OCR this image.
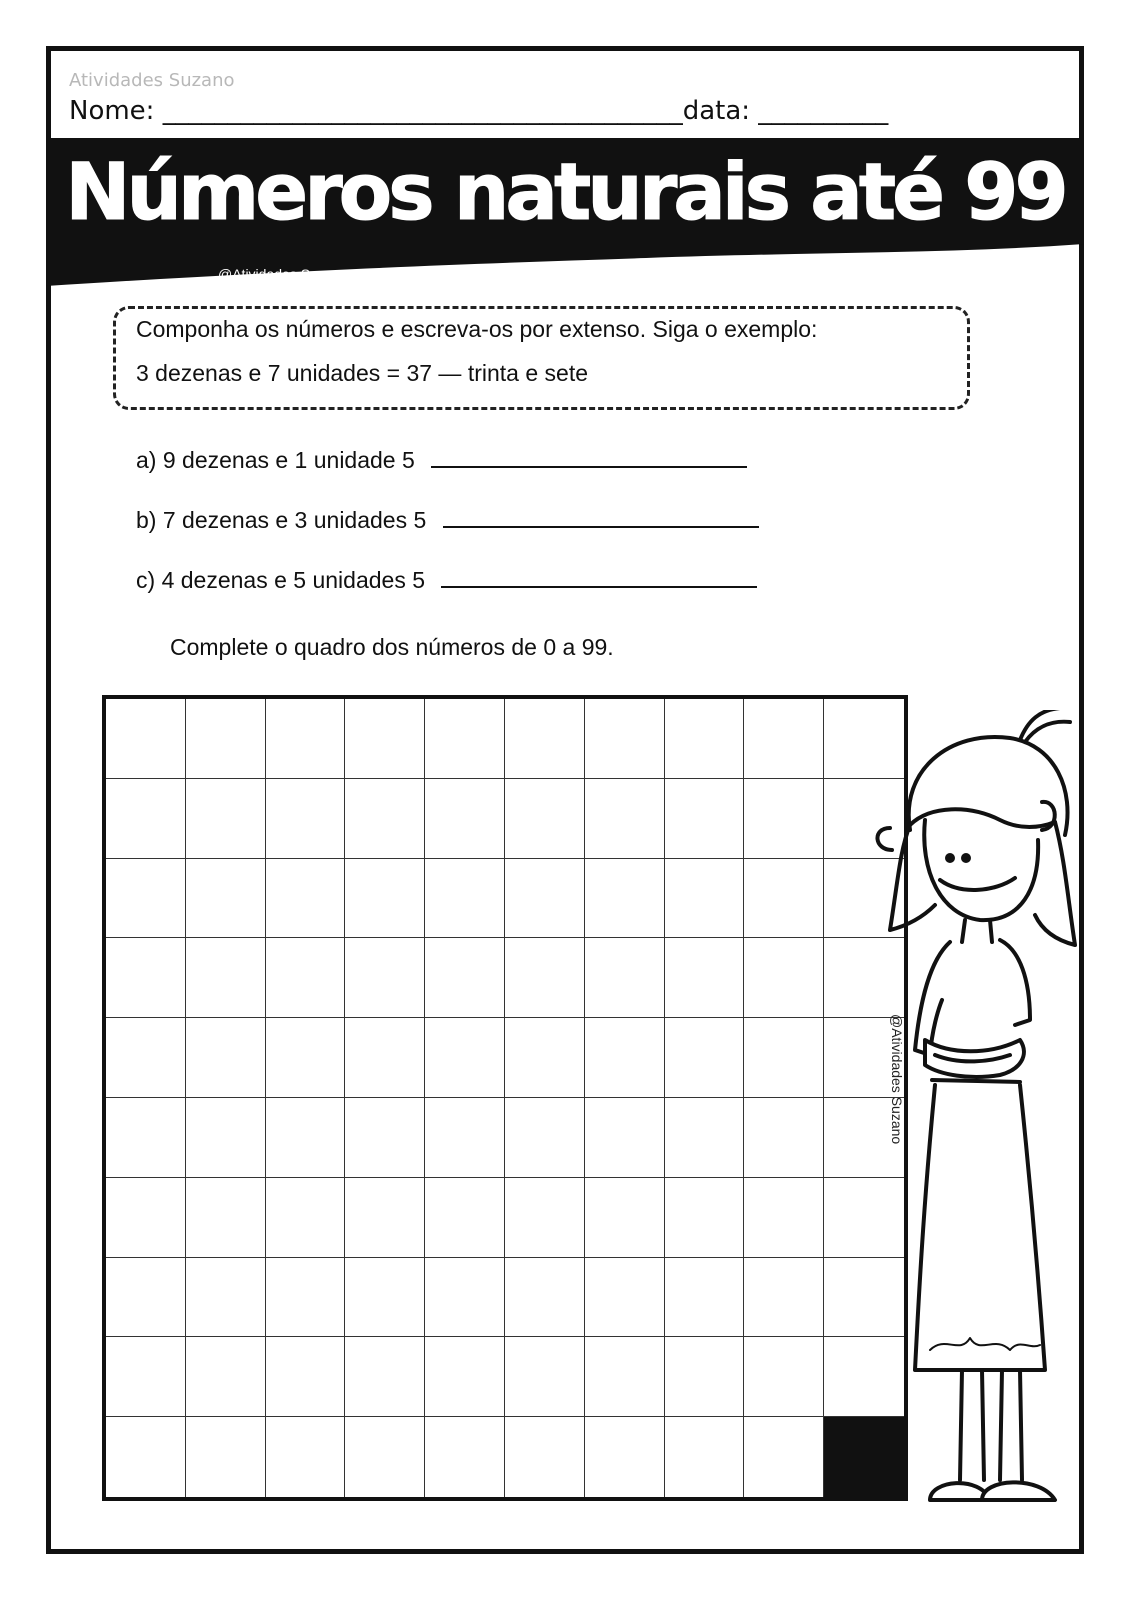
Atividades Suzano
Nome: ________________________________________data: __________
Números naturais até 99
@Atividades Suzano
Componha os números e escreva-os por extenso. Siga o exemplo:
3 dezenas e 7 unidades = 37 — trinta e sete
a) 9 dezenas e 1 unidade 5
b) 7 dezenas e 3 unidades 5
c) 4 dezenas e 5 unidades 5
Complete o quadro dos números de 0 a 99.
@Atividades Suzano
